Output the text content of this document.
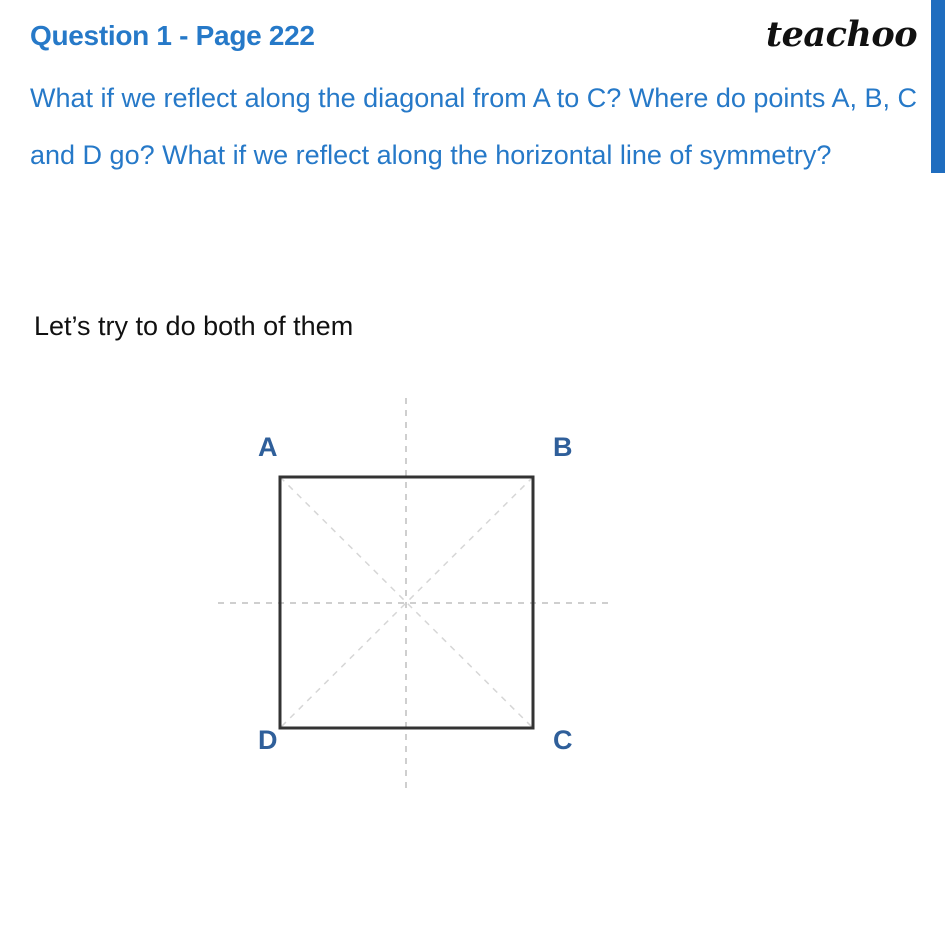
Question 1 - Page 222	teachoo
What if we reflect along the diagonal from A to C? Where do points A, B, C and D go? What if we reflect along the horizontal line of symmetry?
Let’s try to do both of them
A	B
D	C
